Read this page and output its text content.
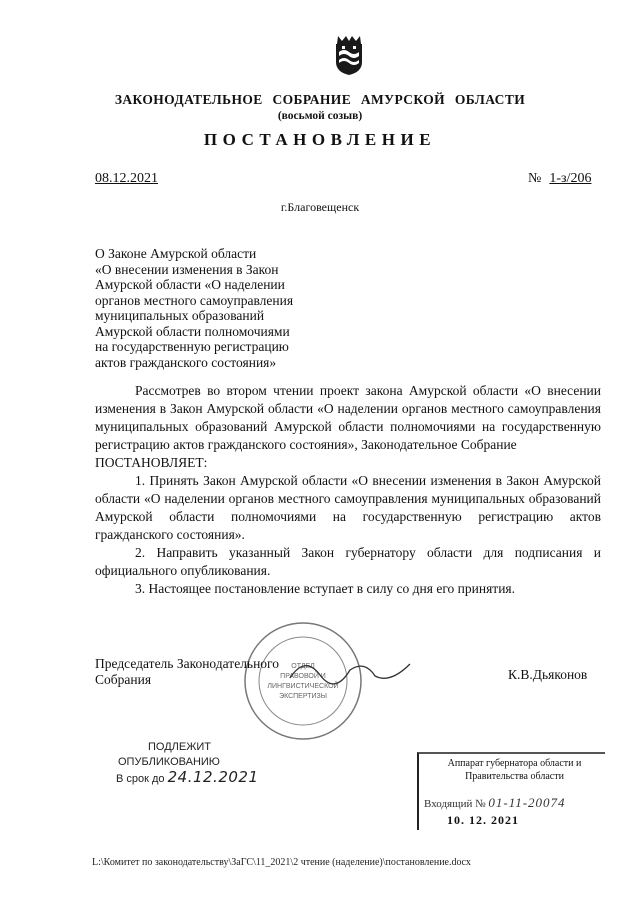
ЗАКОНОДАТЕЛЬНОЕ СОБРАНИЕ АМУРСКОЙ ОБЛАСТИ
(восьмой созыв)
ПОСТАНОВЛЕНИЕ
08.12.2021	№ 1-з/206
г.Благовещенск
О Законе Амурской области
«О внесении изменения в Закон
Амурской области «О наделении
органов местного самоуправления
муниципальных образований
Амурской области полномочиями
на государственную регистрацию
актов гражданского состояния»

Рассмотрев во втором чтении проект закона Амурской области «О внесении изменения в Закон Амурской области «О наделении органов местного самоуправления муниципальных образований Амурской области полномочиями на государственную регистрацию актов гражданского состояния», Законодательное Собрание

ПОСТАНОВЛЯЕТ:

1. Принять Закон Амурской области «О внесении изменения в Закон Амурской области «О наделении органов местного самоуправления муниципальных образований Амурской области полномочиями на государственную регистрацию актов гражданского состояния».

2. Направить указанный Закон губернатору области для подписания и официального опубликования.

3. Настоящее постановление вступает в силу со дня его принятия.

ОТДЕЛ
ПРАВОВОЙ И
ЛИНГВИСТИЧЕСКОЙ
ЭКСПЕРТИЗЫ
Председатель Законодательного
Собрания	К.В.Дьяконов
ПОДЛЕЖИТ
ОПУБЛИКОВАНИЮ
В срок до 24.12.2021
Аппарат губернатора области и
Правительства области
Входящий № 01-11-20074
10. 12. 2021
L:\Комитет по законодательству\ЗаГС\11_2021\2 чтение (наделение)\постановление.docx
